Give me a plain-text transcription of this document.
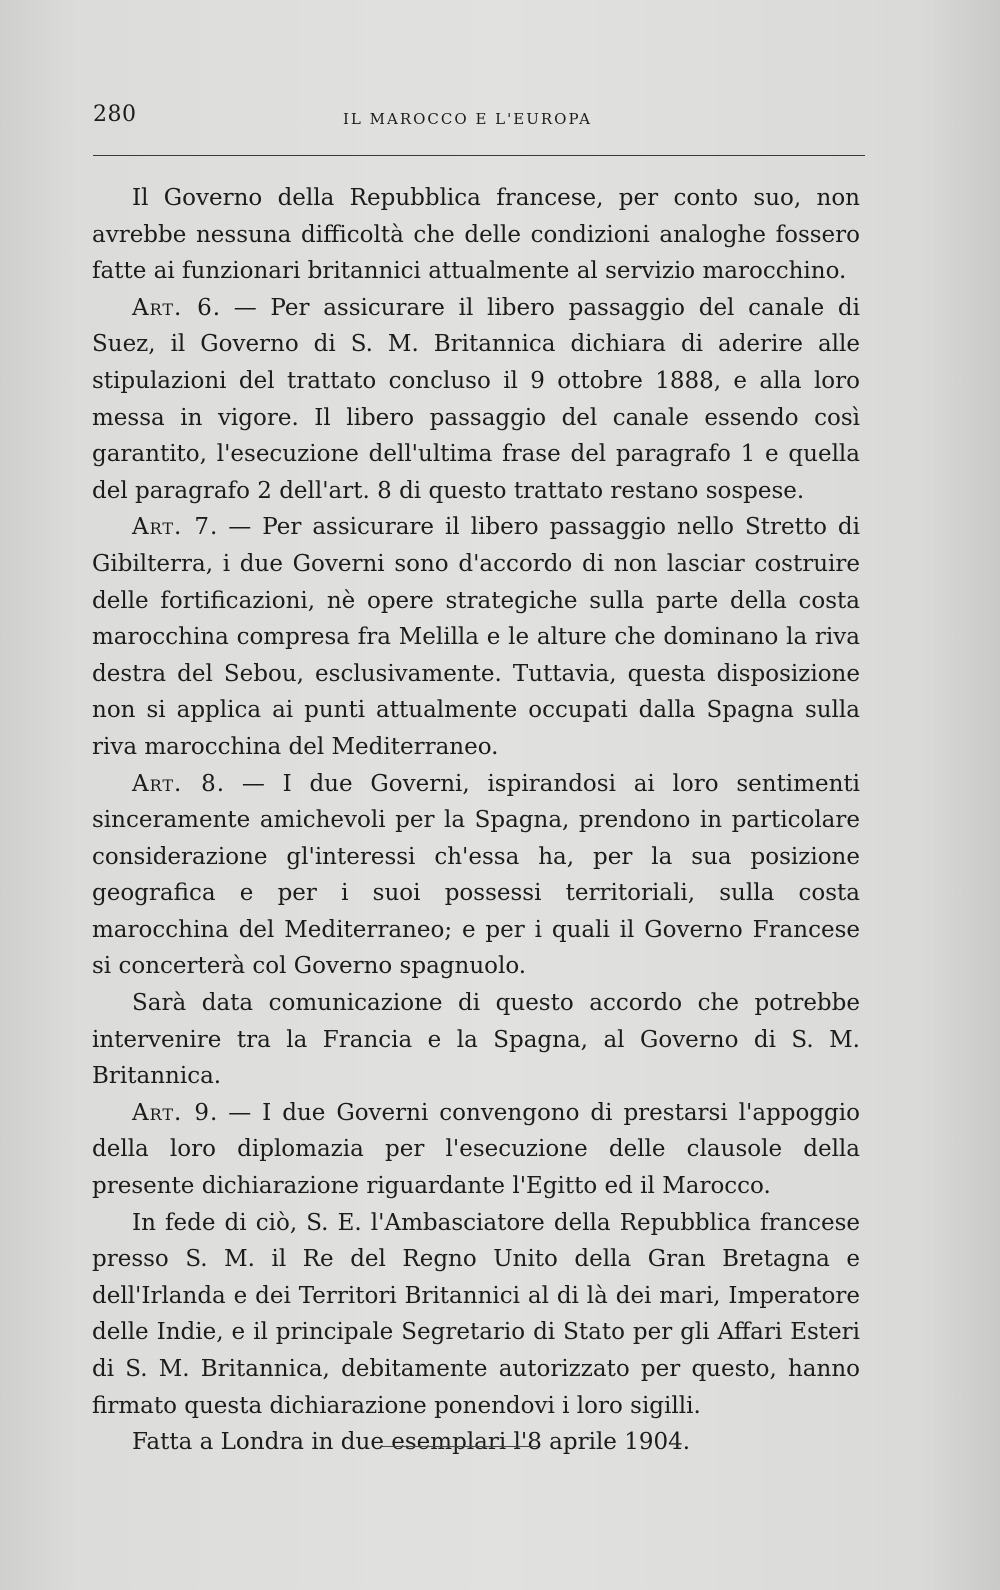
280	IL MAROCCO E L'EUROPA

Il Governo della Repubblica francese, per conto suo, non avrebbe nessuna difficoltà che delle condizioni analoghe fossero fatte ai funzionari britannici attualmente al servizio marocchino.

Art. 6. — Per assicurare il libero passaggio del canale di Suez, il Governo di S. M. Britannica dichiara di aderire alle stipulazioni del trattato concluso il 9 ottobre 1888, e alla loro messa in vigore. Il libero passaggio del canale essendo così garantito, l'esecuzione dell'ultima frase del paragrafo 1 e quella del paragrafo 2 dell'art. 8 di questo trattato restano sospese.

Art. 7. — Per assicurare il libero passaggio nello Stretto di Gibilterra, i due Governi sono d'accordo di non lasciar costruire delle fortificazioni, nè opere strategiche sulla parte della costa marocchina compresa fra Melilla e le alture che dominano la riva destra del Sebou, esclusivamente. Tuttavia, questa disposizione non si applica ai punti attualmente occupati dalla Spagna sulla riva marocchina del Mediterraneo.

Art. 8. — I due Governi, ispirandosi ai loro sentimenti sinceramente amichevoli per la Spagna, prendono in particolare considerazione gl'interessi ch'essa ha, per la sua posizione geografica e per i suoi possessi territoriali, sulla costa marocchina del Mediterraneo; e per i quali il Governo Francese si concerterà col Governo spagnuolo.

Sarà data comunicazione di questo accordo che potrebbe intervenire tra la Francia e la Spagna, al Governo di S. M. Britannica.

Art. 9. — I due Governi convengono di prestarsi l'appoggio della loro diplomazia per l'esecuzione delle clausole della presente dichiarazione riguardante l'Egitto ed il Marocco.

In fede di ciò, S. E. l'Ambasciatore della Repubblica francese presso S. M. il Re del Regno Unito della Gran Bretagna e dell'Irlanda e dei Territori Britannici al di là dei mari, Imperatore delle Indie, e il principale Segretario di Stato per gli Affari Esteri di S. M. Britannica, debitamente autorizzato per questo, hanno firmato questa dichiarazione ponendovi i loro sigilli.

Fatta a Londra in due esemplari l'8 aprile 1904.
